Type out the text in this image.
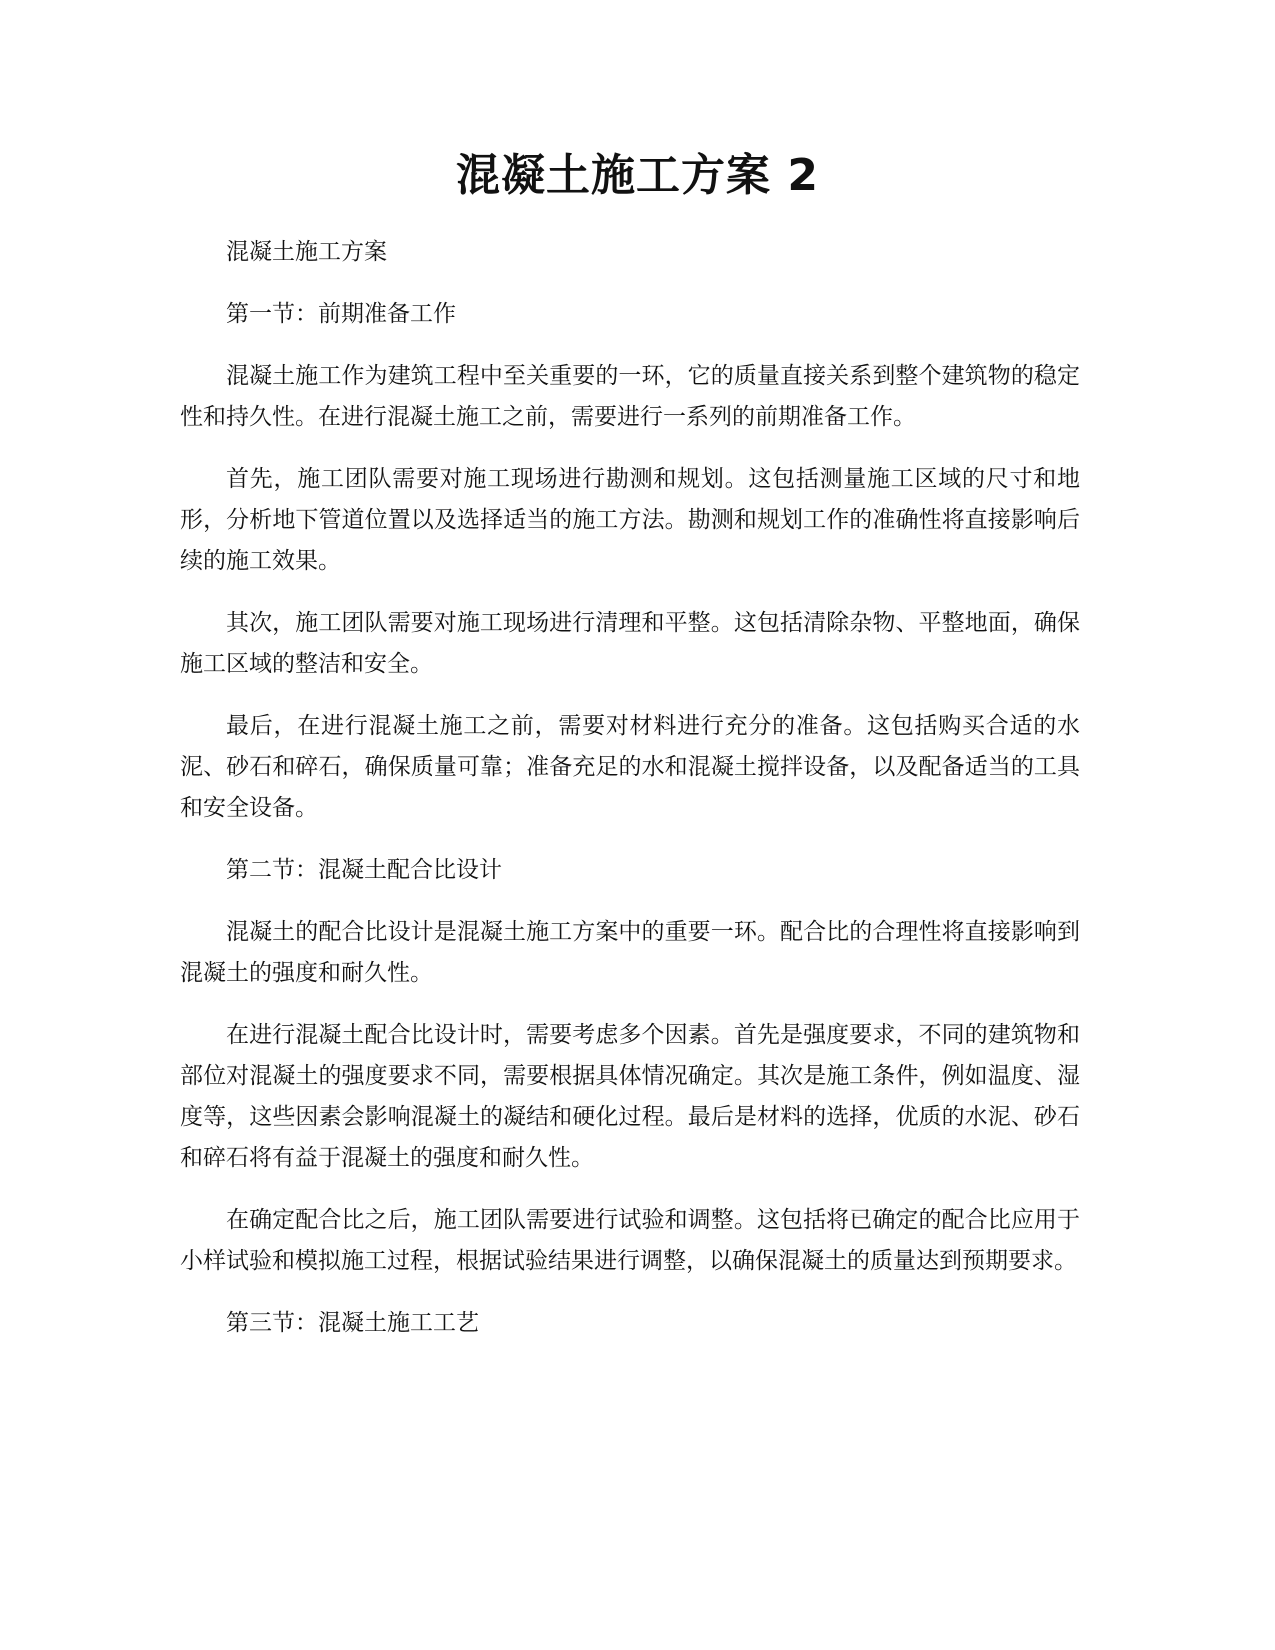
混凝土施工方案 2

混凝土施工方案

第一节：前期准备工作

混凝土施工作为建筑工程中至关重要的一环，它的质量直接关系到整个建筑物的稳定性和持久性。在进行混凝土施工之前，需要进行一系列的前期准备工作。

首先，施工团队需要对施工现场进行勘测和规划。这包括测量施工区域的尺寸和地形，分析地下管道位置以及选择适当的施工方法。勘测和规划工作的准确性将直接影响后续的施工效果。

其次，施工团队需要对施工现场进行清理和平整。这包括清除杂物、平整地面，确保施工区域的整洁和安全。

最后，在进行混凝土施工之前，需要对材料进行充分的准备。这包括购买合适的水泥、砂石和碎石，确保质量可靠；准备充足的水和混凝土搅拌设备，以及配备适当的工具和安全设备。

第二节：混凝土配合比设计

混凝土的配合比设计是混凝土施工方案中的重要一环。配合比的合理性将直接影响到混凝土的强度和耐久性。

在进行混凝土配合比设计时，需要考虑多个因素。首先是强度要求，不同的建筑物和部位对混凝土的强度要求不同，需要根据具体情况确定。其次是施工条件，例如温度、湿度等，这些因素会影响混凝土的凝结和硬化过程。最后是材料的选择，优质的水泥、砂石和碎石将有益于混凝土的强度和耐久性。

在确定配合比之后，施工团队需要进行试验和调整。这包括将已确定的配合比应用于小样试验和模拟施工过程，根据试验结果进行调整，以确保混凝土的质量达到预期要求。

第三节：混凝土施工工艺
